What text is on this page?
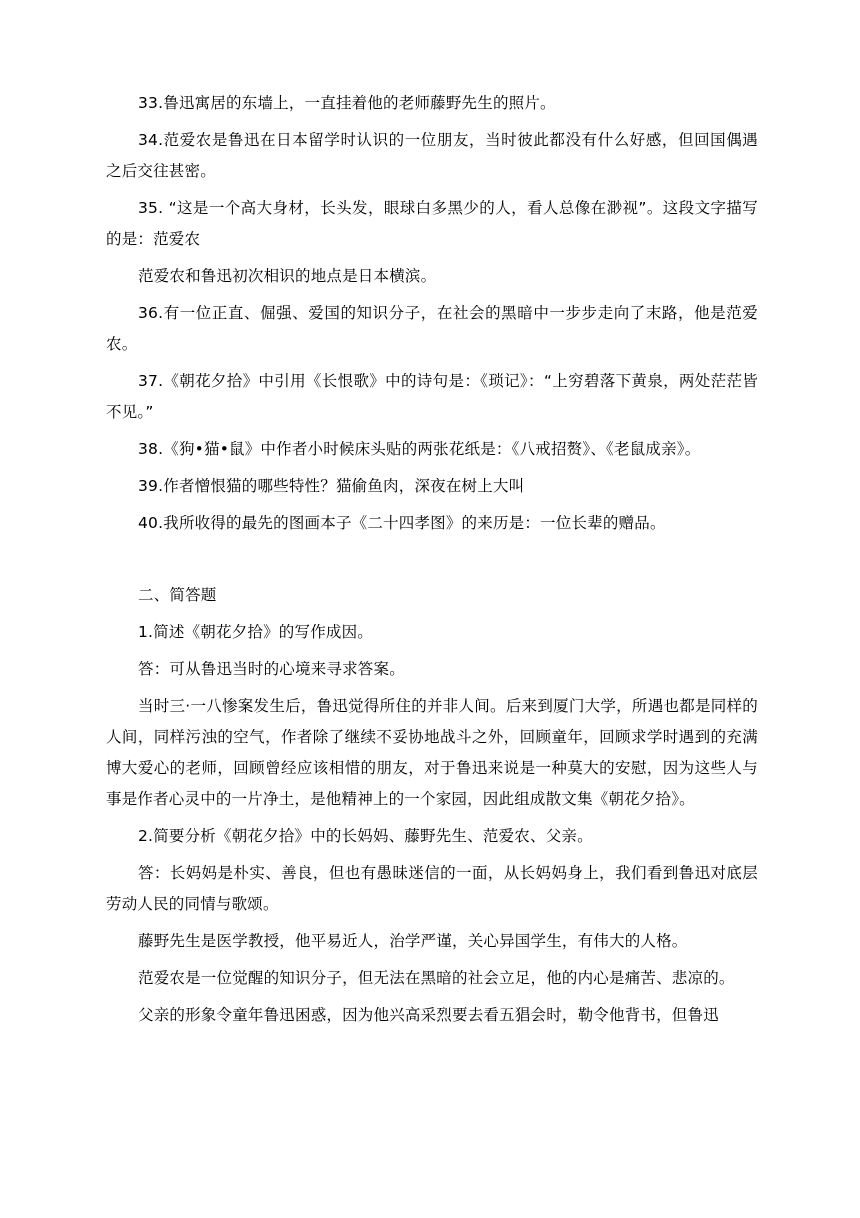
33.鲁迅寓居的东墙上，一直挂着他的老师藤野先生的照片。

34.范爱农是鲁迅在日本留学时认识的一位朋友，当时彼此都没有什么好感，但回国偶遇之后交往甚密。

35. “这是一个高大身材，长头发，眼球白多黑少的人，看人总像在渺视”。这段文字描写的是：范爱农

范爱农和鲁迅初次相识的地点是日本横滨。

36.有一位正直、倔强、爱国的知识分子，在社会的黑暗中一步步走向了末路，他是范爱农。

37.《朝花夕拾》中引用《长恨歌》中的诗句是：《琐记》：“上穷碧落下黄泉，两处茫茫皆不见。”

38.《狗•猫•鼠》中作者小时候床头贴的两张花纸是：《八戒招赘》、《老鼠成亲》。

39.作者憎恨猫的哪些特性？猫偷鱼肉，深夜在树上大叫

40.我所收得的最先的图画本子《二十四孝图》的来历是：一位长辈的赠品。

二、简答题

1.简述《朝花夕拾》的写作成因。

答：可从鲁迅当时的心境来寻求答案。

当时三·一八惨案发生后，鲁迅觉得所住的并非人间。后来到厦门大学，所遇也都是同样的人间，同样污浊的空气，作者除了继续不妥协地战斗之外，回顾童年，回顾求学时遇到的充满博大爱心的老师，回顾曾经应该相惜的朋友，对于鲁迅来说是一种莫大的安慰，因为这些人与事是作者心灵中的一片净土，是他精神上的一个家园，因此组成散文集《朝花夕拾》。

2.简要分析《朝花夕拾》中的长妈妈、藤野先生、范爱农、父亲。

答：长妈妈是朴实、善良，但也有愚昧迷信的一面，从长妈妈身上，我们看到鲁迅对底层劳动人民的同情与歌颂。

藤野先生是医学教授，他平易近人，治学严谨，关心异国学生，有伟大的人格。

范爱农是一位觉醒的知识分子，但无法在黑暗的社会立足，他的内心是痛苦、悲凉的。

父亲的形象令童年鲁迅困惑，因为他兴高采烈要去看五猖会时，勒令他背书，但鲁迅
